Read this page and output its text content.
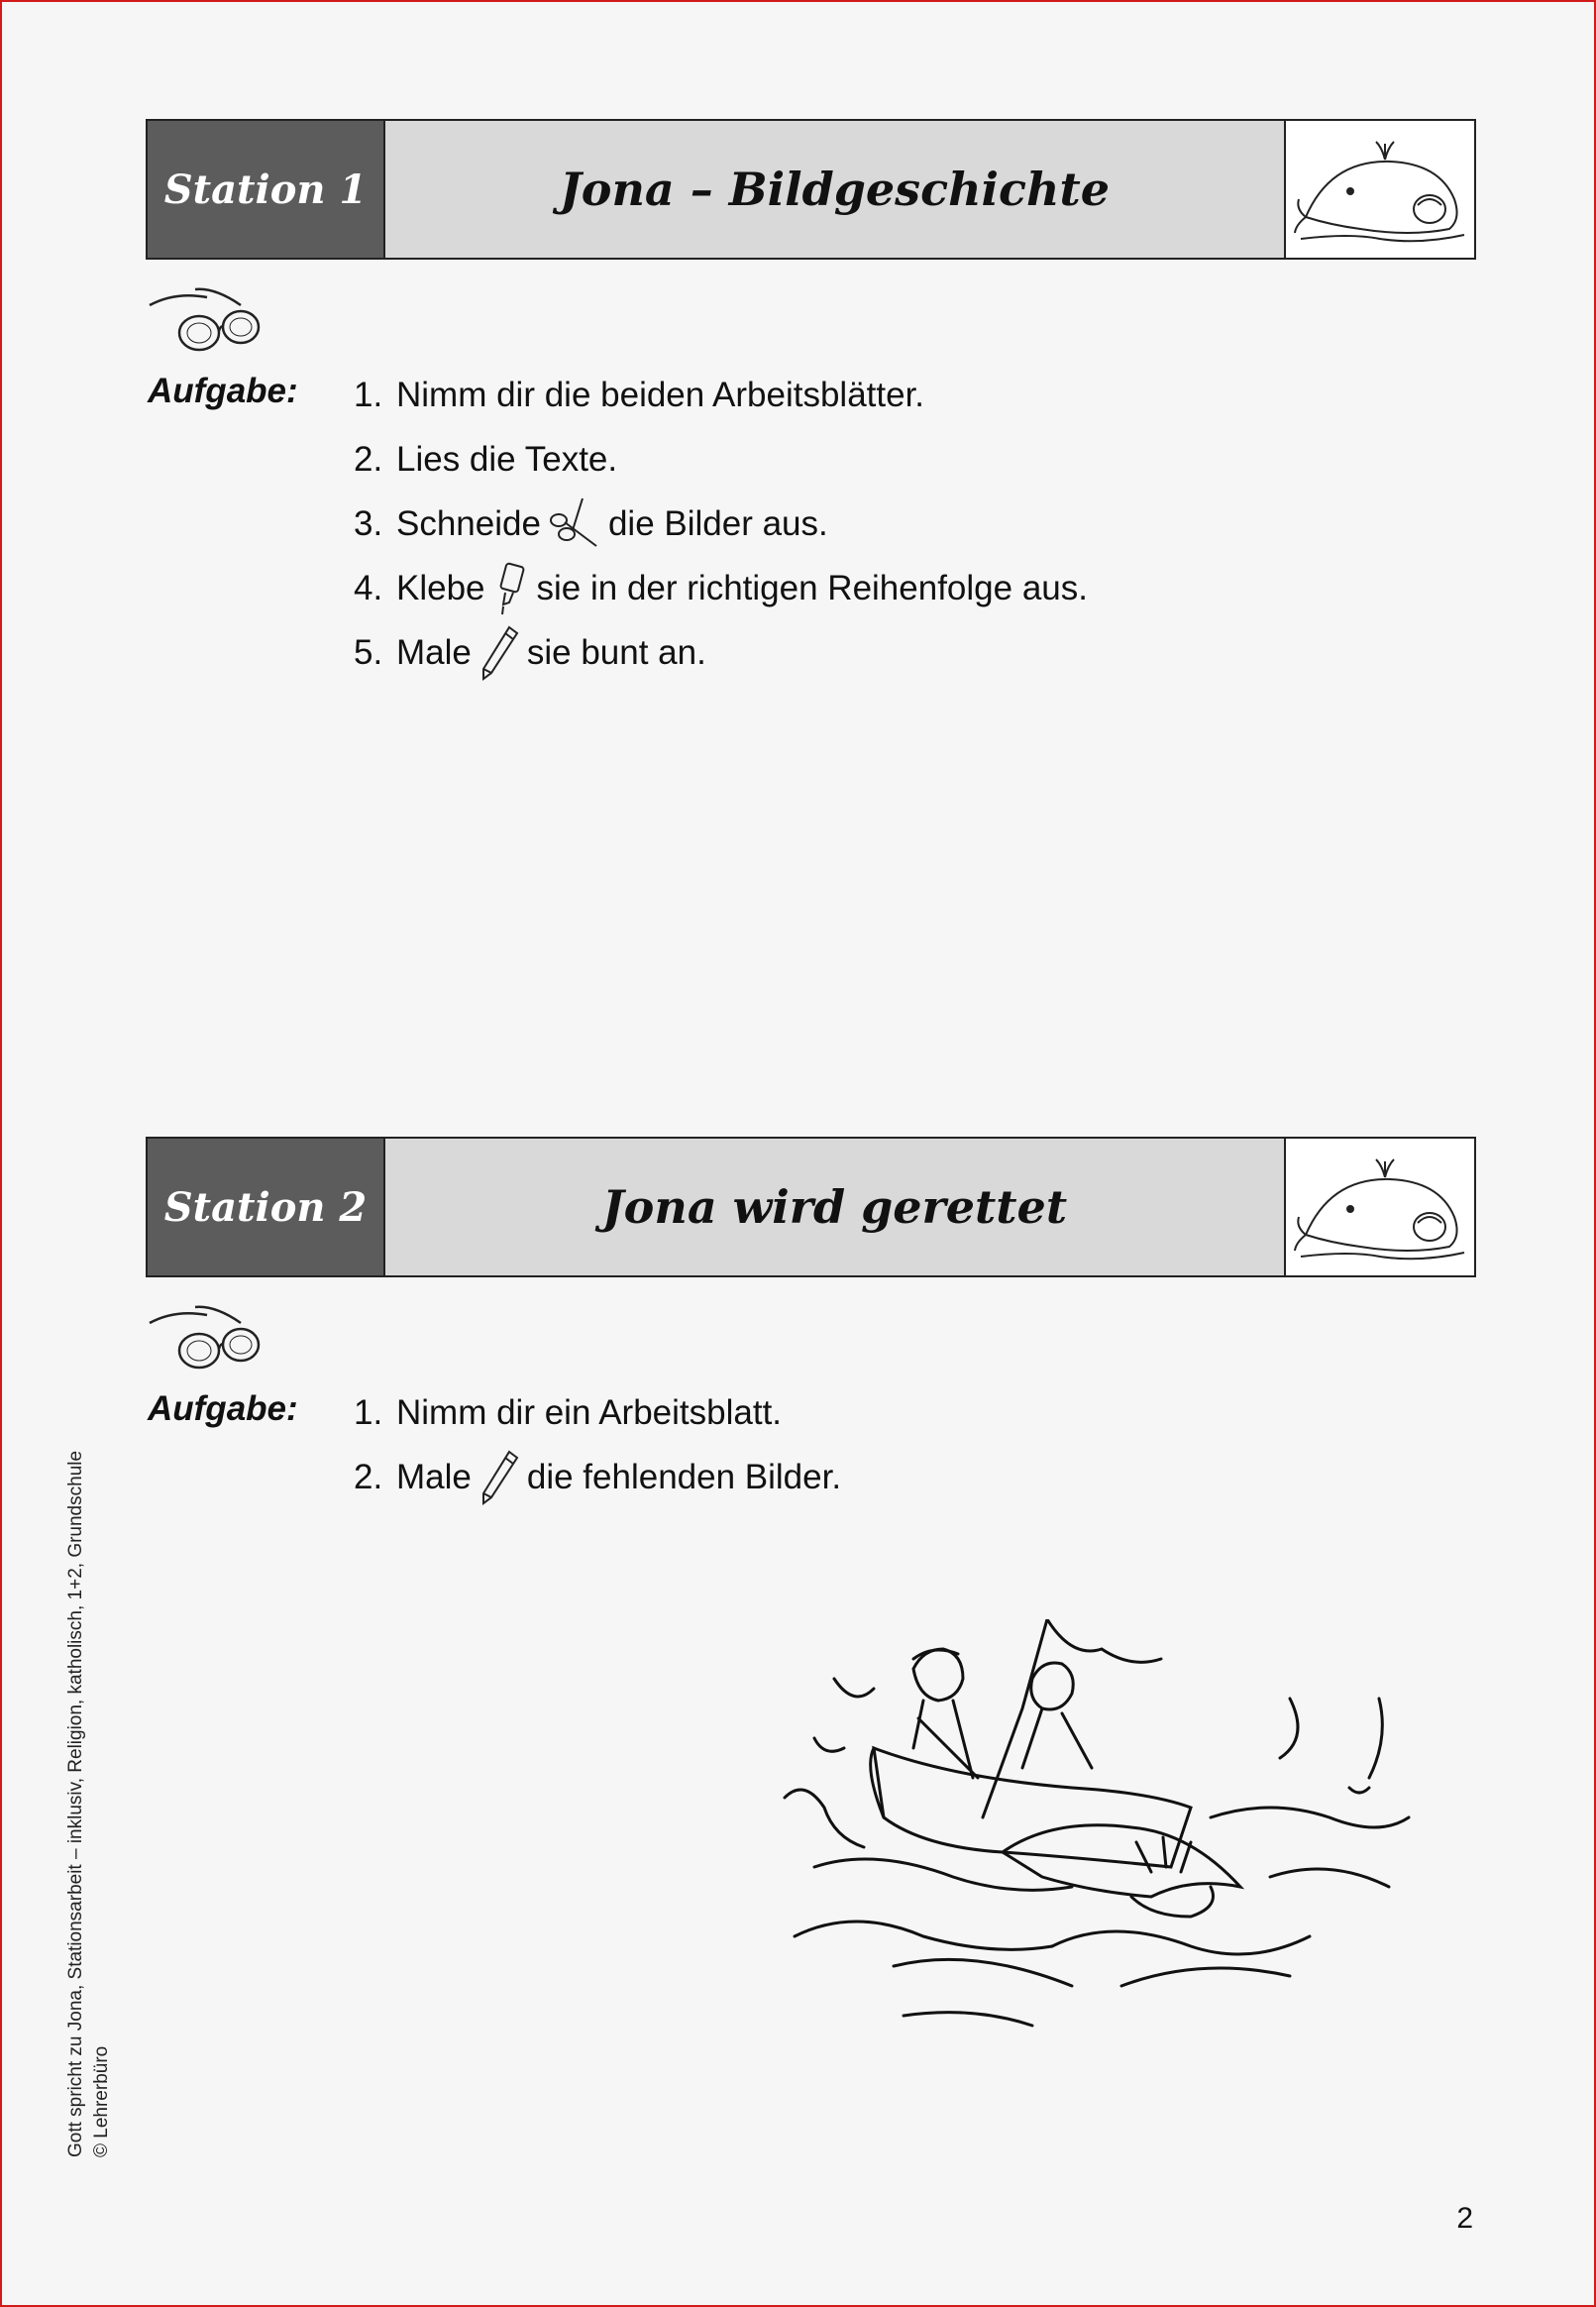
Station 1	Jona – Bildgeschichte
Aufgabe: 1. Nimm dir die beiden Arbeitsblätter.
2. Lies die Texte.
3. Schneide die Bilder aus.
4. Klebe sie in der richtigen Reihenfolge aus.
5. Male sie bunt an.
Station 2	Jona wird gerettet
Aufgabe: 1. Nimm dir ein Arbeitsblatt.
2. Male die fehlenden Bilder.
Gott spricht zu Jona, Stationsarbeit – inklusiv, Religion, katholisch, 1+2, Grundschule © Lehrerbüro
2
